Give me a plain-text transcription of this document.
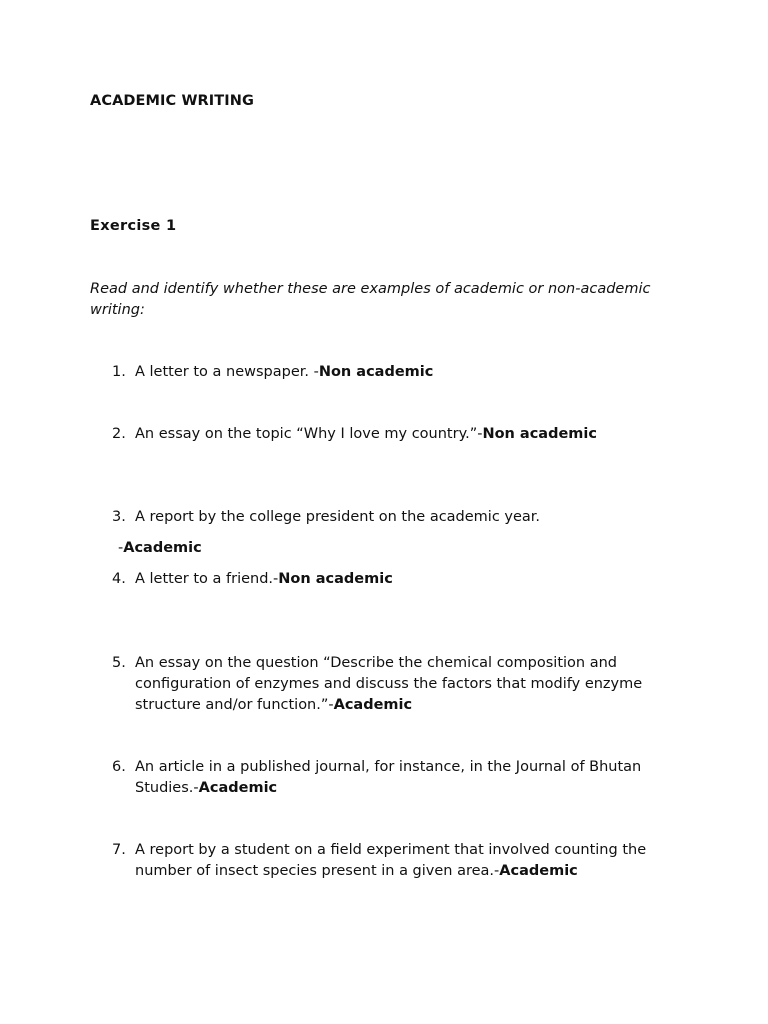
ACADEMIC WRITING
Exercise 1
Read and identify whether these are examples of academic or non-academic writing:
1. A letter to a newspaper. -Non academic
2. An essay on the topic “Why I love my country.”-Non academic
3. A report by the college president on the academic year.
-Academic
4. A letter to a friend.-Non academic
5. An essay on the question “Describe the chemical composition and configuration of enzymes and discuss the factors that modify enzyme structure and/or function.”-Academic
6. An article in a published journal, for instance, in the Journal of Bhutan Studies.-Academic
7. A report by a student on a field experiment that involved counting the number of insect species present in a given area.-Academic
